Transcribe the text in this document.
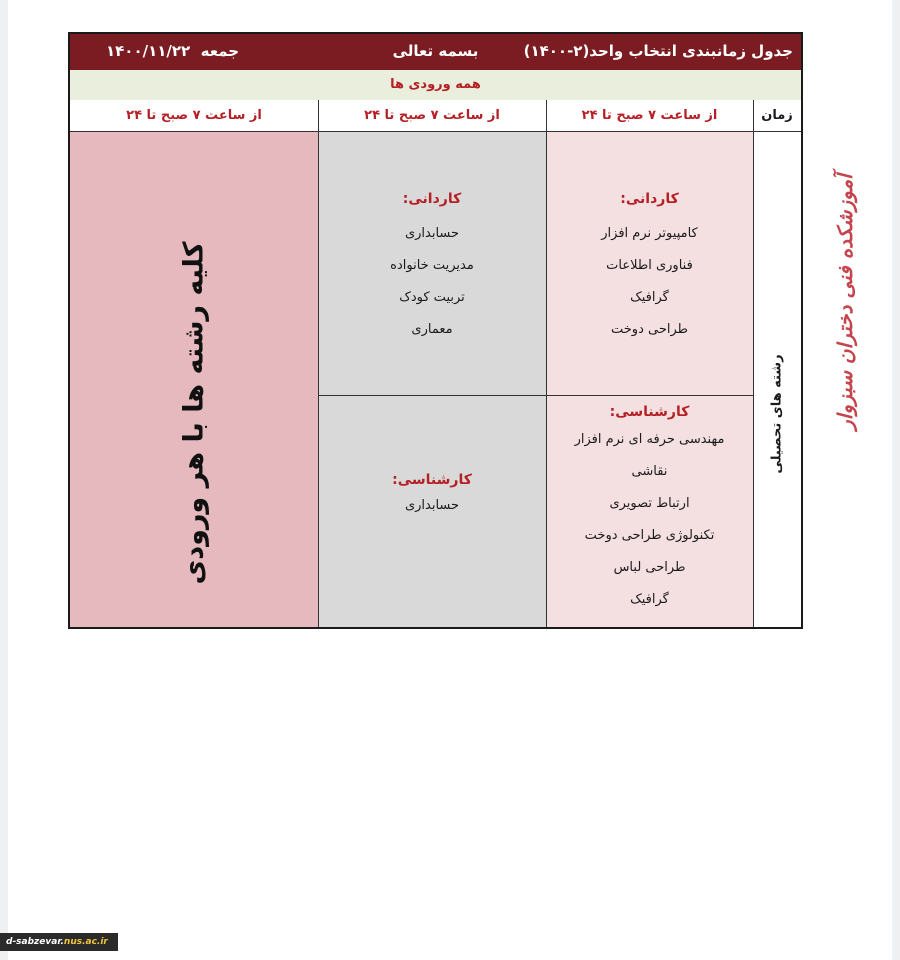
جدول زمانبندی انتخاب واحد(۲-۱۴۰۰)
بسمه تعالی
جمعه  ۱۴۰۰/۱۱/۲۲
همه ورودی ها
زمان
از ساعت ۷ صبح تا ۲۴
از ساعت ۷ صبح تا ۲۴
از ساعت ۷ صبح تا ۲۴
رشته های تحصیلی
کاردانی:
کامپیوتر نرم افزار
فناوری اطلاعات
گرافیک
طراحی دوخت
کارشناسی:
مهندسی حرفه ای نرم افزار
نقاشی
ارتباط تصویری
تکنولوژی طراحی دوخت
طراحی لباس
گرافیک
کاردانی:
حسابداری
مدیریت خانواده
تربیت کودک
معماری
کارشناسی:
حسابداری
کلیه رشته ها با هر ورودی	آموزشکده فنی دختران سبزوار
d-sabzevar.nus.ac.ir
